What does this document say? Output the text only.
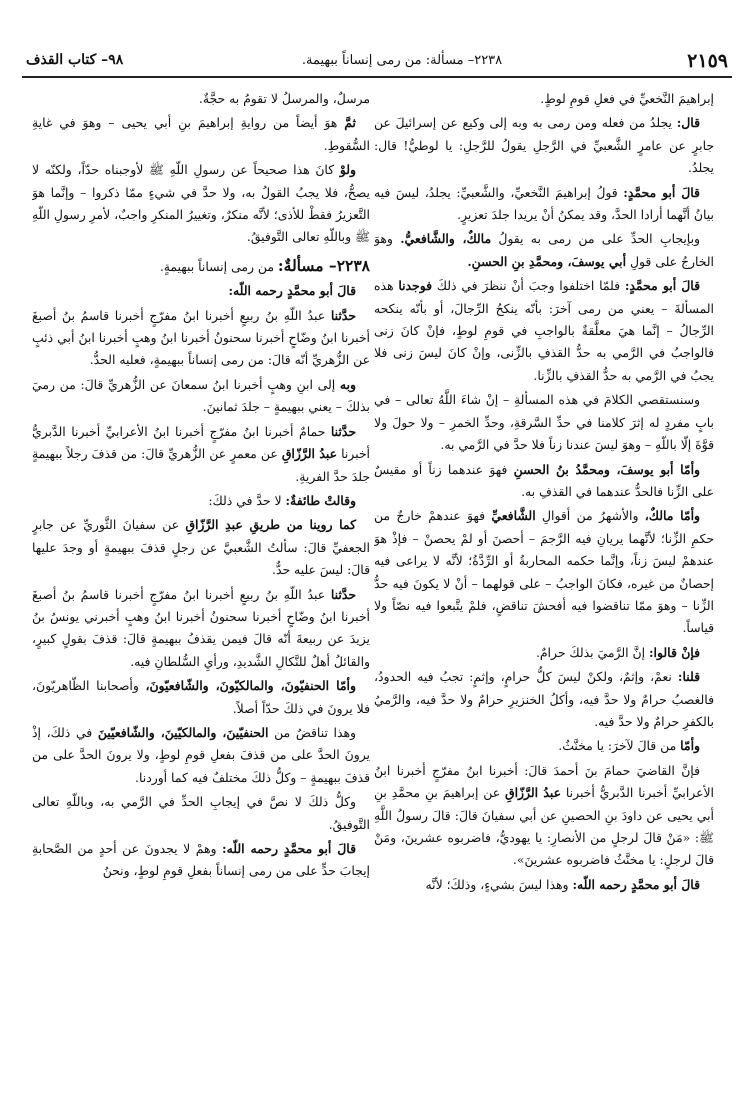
٢١٥٩
٢٢٣٨– مسألة: من رمى إنساناً ببهيمة.
٩٨– كتاب القذف

إبراهيمَ النَّخعيِّ في فعلِ قومِ لوطٍ.

قال: يجلدُ من فعله ومن رمى به وبه إلى وكيع عن إسرائيلَ عن جابرٍ عن عامرٍ الشَّعبيِّ في الرَّجلِ يقولُ للرَّجلِ: يا لوطيُّ! قال: يجلدُ.

قالَ أبو محمَّدٍ: قولُ إبراهيمَ النَّخعيِّ، والشَّعبيِّ: يجلدُ، ليسَ فيه بيانُ أنَّهما أرادا الحدَّ، وقد يمكنُ أنْ يريدا جلدَ تعزيرٍ.

وبإيجابِ الحدِّ على من رمى به يقولُ مالكٌ، والشَّافعيُّ. وهوَ الخارجُ على قولِ أبي يوسفَ، ومحمَّدِ بنِ الحسنِ.

قالَ أبو محمَّدٍ: فلمّا اختلفوا وجبَ أنْ ننظرَ في ذلكَ فوجدنا هذه المسألةَ – يعني من رمى آخرَ: بأنّه ينكحُ الرِّجالَ، أو بأنّه ينكحه الرِّجالُ – إنَّما هيَ معلَّقةٌ بالواجبِ في قومِ لوطٍ، فإنْ كانَ زنى فالواجبُ في الرَّمي به حدُّ القذفِ بالزِّنى، وإنْ كانَ ليسَ زنى فلا يجبُ في الرَّمي به حدُّ القذفِ بالزِّنا.

وسنستقصي الكلامَ في هذه المسألةِ – إنْ شاءَ اللَّهُ تعالى – في بابٍ مفردٍ له إثرَ كلامنا في حدِّ السَّرقةِ، وحدِّ الخمرِ – ولا حولَ ولا قوَّةَ إلّا باللّهِ – وهوَ ليسَ عندنا زناً فلا حدَّ في الرَّمي به.

وأمّا أبو يوسفَ، ومحمَّدُ بنُ الحسنِ فهوَ عندهما زناً أو مقيسٌ على الزِّنا فالحدُّ عندهما في القذفِ به.

وأمّا مالكٌ، والأشهرُ من أقوالِ الشَّافعيِّ فهوَ عندهمْ خارجٌ من حكمِ الزِّنا؛ لأنَّهما يريانِ فيه الرَّجمَ – أحصنَ أو لمْ يحصنْ – فإذْ هوَ عندهمْ ليسَ زناً، وإنَّما حكمه المحاربةُ أو الرِّدَّةُ؛ لأنَّه لا يراعى فيه إحصانٌ من غيره، فكانَ الواجبُ – على قولهما – أنْ لا يكونَ فيه حدُّ الزِّنا – وهوَ ممّا تناقضوا فيه أفحشَ تناقضٍ، فلمْ يتَّبعوا فيه نصّاً ولا قياساً.

فإنْ قالوا: إنَّ الرَّميَ بذلكَ حرامٌ.

قلنا: نعمْ، وإثمٌ، ولكنْ ليسَ كلُّ حرامٍ، وإثمٍ: تجبُ فيه الحدودُ، فالغصبُ حرامٌ ولا حدَّ فيه، وأكلُ الخنزيرِ حرامٌ ولا حدَّ فيه، والرَّميُ بالكفرِ حرامٌ ولا حدَّ فيه.

وأمّا من قالَ لآخرَ: يا مخنَّثُ.

فإنَّ القاضيَ حمامَ بنَ أحمدَ قالَ: أخبرنا ابنُ مفرّجٍ أخبرنا ابنُ الأعرابيِّ أخبرنا الدَّبريُّ أخبرنا عبدُ الرَّزّاقِ عن إبراهيمَ بنِ محمَّدِ بنِ أبي يحيى عن داودَ بنِ الحصينِ عن أبي سفيانَ قالَ: قالَ رسولُ اللَّهِ ﷺ: «مَنْ قالَ لرجلٍ من الأنصارِ: يا يهوديُّ، فاضربوه عشرينَ، ومَنْ قالَ لرجلٍ: يا مخنَّثُ فاضربوه عشرينَ».

قالَ أبو محمَّدٍ رحمه اللّه: وهذا ليسَ بشيءٍ، وذلكَ؛ لأنَّه

مرسلٌ، والمرسلُ لا تقومُ به حجَّةٌ.

ثمَّ هوَ أيضاً من روايةِ إبراهيمَ بنِ أبي يحيى – وهوَ في غايةِ السُّقوطِ.

ولوْ كانَ هذا صحيحاً عن رسولِ اللّهِ ﷺ لأوجبناه حدّاً، ولكنّه لا يصحُّ، فلا يجبُ القولُ به، ولا حدَّ في شيءٍ ممّا ذكروا – وإنَّما هوَ التَّعزيرُ فقطْ للأذى؛ لأنَّه منكرٌ، وتغييرُ المنكرِ واجبٌ، لأمرِ رسولِ اللّهِ ﷺ وباللّهِ تعالى التَّوفيقُ.

٢٢٣٨– مسألةٌ: من رمى إنساناً ببهيمةٍ.

قالَ أبو محمَّدٍ رحمه اللّه:

حدَّثنا عبدُ اللّهِ بنُ ربيعٍ أخبرنا ابنُ مفرّجٍ أخبرنا قاسمُ بنُ أصبغَ أخبرنا ابنُ وضّاحٍ أخبرنا سحنونُ أخبرنا ابنُ وهبٍ أخبرنا ابنُ أبي ذئبٍ عن الزُّهريِّ أنّه قالَ: من رمى إنساناً ببهيمةٍ، فعليه الحدُّ.

وبه إلى ابنِ وهبٍ أخبرنا ابنُ سمعانَ عن الزُّهريِّ قالَ: من رميَ بذلكَ – يعني ببهيمةٍ – جلدَ ثمانينَ.

حدَّثنا حمامٌ أخبرنا ابنُ مفرّجٍ أخبرنا ابنُ الأعرابيِّ أخبرنا الدَّبريُّ أخبرنا عبدُ الرَّزّاقِ عن معمرٍ عن الزُّهريِّ قالَ: من قذفَ رجلاً ببهيمةٍ جلدَ حدَّ الفريةِ.

وقالتْ طائفةٌ: لا حدَّ في ذلكَ:

كما روينا من طريقِ عبدِ الرَّزّاقِ عن سفيانَ الثَّوريِّ عن جابرٍ الجعفيِّ قالَ: سألتُ الشَّعبيَّ عن رجلٍ قذفَ ببهيمةٍ أو وجدَ عليها قالَ: ليسَ عليه حدٌّ.

حدَّثنا عبدُ اللّهِ بنُ ربيعٍ أخبرنا ابنُ مفرّجٍ أخبرنا قاسمُ بنُ أصبغَ أخبرنا ابنُ وضّاحٍ أخبرنا سحنونُ أخبرنا ابنُ وهبٍ أخبرني يونسُ بنُ يزيدَ عن ربيعةَ أنّه قالَ فيمن يقذفُ ببهيمةٍ قالَ: قذفَ بقولٍ كبيرٍ، والقائلُ أهلٌ للنَّكالِ الشَّديدِ، ورأيِ السُّلطانِ فيه.

وأمّا الحنفيّونَ، والمالكيّونَ، والشّافعيّونَ، وأصحابنا الظّاهريّونَ، فلا يرونَ في ذلكَ حدّاً أصلاً.

وهذا تناقضٌ من الحنفيّينَ، والمالكيّينَ، والشّافعيّينَ في ذلكَ، إذْ يرونَ الحدَّ على من قذفَ بفعلِ قومِ لوطٍ، ولا يرونَ الحدَّ على من قذفَ ببهيمةٍ – وكلُّ ذلكَ مختلفٌ فيه كما أوردنا.

وكلُّ ذلكَ لا نصَّ في إيجابِ الحدِّ في الرَّمي به، وباللّهِ تعالى التَّوفيقُ.

قالَ أبو محمَّدٍ رحمه اللّه: وهمْ لا يجدونَ عن أحدٍ من الصَّحابةِ إيجابَ حدٍّ على من رمى إنساناً بفعلِ قومِ لوطٍ، ونحنُ
